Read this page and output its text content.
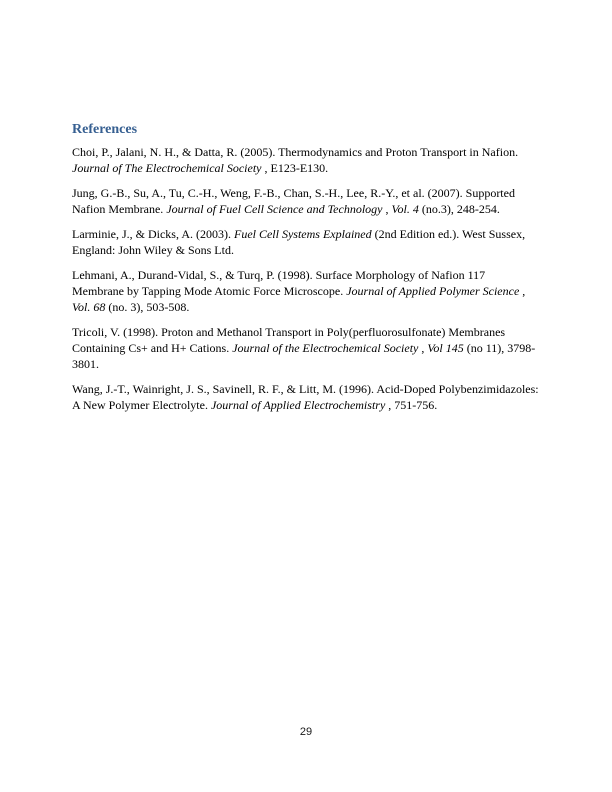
References

Choi, P., Jalani, N. H., & Datta, R. (2005). Thermodynamics and Proton Transport in Nafion. Journal of The Electrochemical Society , E123-E130.

Jung, G.-B., Su, A., Tu, C.-H., Weng, F.-B., Chan, S.-H., Lee, R.-Y., et al. (2007). Supported Nafion Membrane. Journal of Fuel Cell Science and Technology , Vol. 4 (no.3), 248-254.

Larminie, J., & Dicks, A. (2003). Fuel Cell Systems Explained (2nd Edition ed.). West Sussex, England: John Wiley & Sons Ltd.

Lehmani, A., Durand-Vidal, S., & Turq, P. (1998). Surface Morphology of Nafion 117 Membrane by Tapping Mode Atomic Force Microscope. Journal of Applied Polymer Science , Vol. 68 (no. 3), 503-508.

Tricoli, V. (1998). Proton and Methanol Transport in Poly(perfluorosulfonate) Membranes Containing Cs+ and H+ Cations. Journal of the Electrochemical Society , Vol 145 (no 11), 3798-3801.

Wang, J.-T., Wainright, J. S., Savinell, R. F., & Litt, M. (1996). Acid-Doped Polybenzimidazoles: A New Polymer Electrolyte. Journal of Applied Electrochemistry , 751-756.

29
